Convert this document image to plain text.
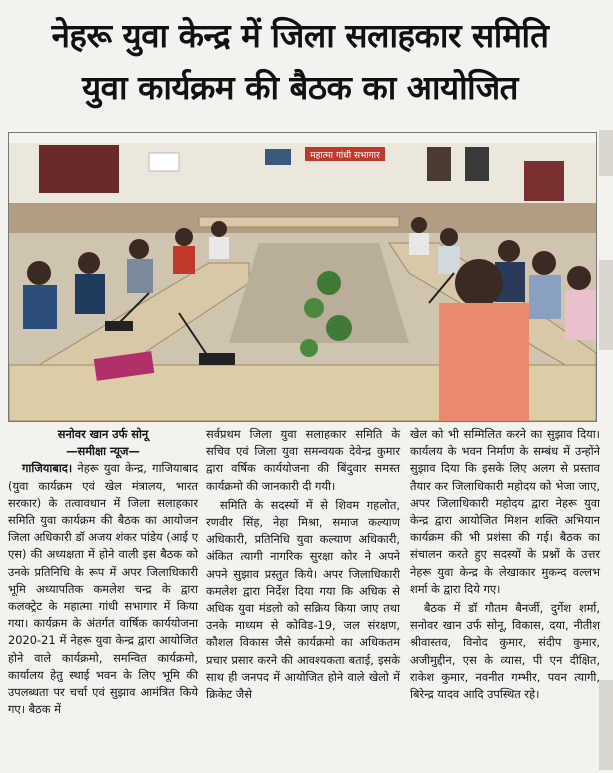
नेहरू युवा केन्द्र में जिला सलाहकार समिति
युवा कार्यक्रम की बैठक का आयोजित
महात्मा गांधी सभागार
सनोवर खान उर्फ सोनू
—समीक्षा न्यूज—

गाजियाबाद। नेहरू युवा केन्द्र, गाजियाबाद (युवा कार्यक्रम एवं खेल मंत्रालय, भारत सरकार) के तत्वावधान में जिला सलाहकार समिति युवा कार्यक्रम की बैठक का आयोजन जिला अधिकारी डॉ अजय शंकर पांडेय (आई ए एस) की अध्यक्षता में होने वाली इस बैठक को उनके प्रतिनिधि के रूप में अपर जिलाधिकारी भूमि अध्यापतिक कमलेश चन्द्र के द्वारा कलक्ट्रेट के महात्मा गांधी सभागार में किया गया। कार्यक्रम के अंतर्गत वार्षिक कार्ययोजना 2020-21 में नेहरू युवा केन्द्र द्वारा आयोजित होने वाले कार्यक्रमो, समन्वित कार्यक्रमो, कार्यालय हेतु स्थाई भवन के लिए भूमि की उपलब्धता पर चर्चा एवं सुझाव आमंत्रित किये गए। बैठक में

सर्वप्रथम जिला युवा सलाहकार समिति के सचिव एवं जिला युवा समन्वयक देवेन्द्र कुमार द्वारा वर्षिक कार्ययोजना की बिंदुवार समस्त कार्यक्रमो की जानकारी दी गयी।

समिति के सदस्यों में से शिवम गहलोत, रणवीर सिंह, नेहा मिश्रा, समाज कल्याण अधिकारी, प्रतिनिधि युवा कल्याण अधिकारी, अंकित त्यागी नागरिक सुरक्षा कोर ने अपने अपने सुझाव प्रस्तुत किये। अपर जिलाधिकारी कमलेश द्वारा निर्देश दिया गया कि अधिक से अधिक युवा मंडलो को सक्रिय किया जाए तथा उनके माध्यम से कोविड-19, जल संरक्षण, कौशल विकास जैसे कार्यक्रमो का अधिकतम प्रचार प्रसार करने की आवश्यकता बताई, इसके साथ ही जनपद में आयोजित होने वाले खेलो में क्रिकेट जैसे

खेल को भी सम्मिलित करने का सुझाव दिया। कार्यलय के भवन निर्माण के सम्बंध में उन्होंने सुझाव दिया कि इसके लिए अलग से प्रस्ताव तैयार कर जिलाधिकारी महोदय को भेजा जाए, अपर जिलाधिकारी महोदय द्वारा नेहरू युवा केन्द्र द्वारा आयोजित मिशन शक्ति अभियान कार्यक्रम की भी प्रशंसा की गई। बैठक का संचालन करते हुए सदस्यों के प्रश्नों के उत्तर नेहरू युवा केन्द्र के लेखाकार मुकन्द वल्लभ शर्मा के द्वारा दिये गए।

बैठक में डॉ गौतम बैनर्जी, दुर्गेश शर्मा, सनोवर खान उर्फ सोनू, विकास, दया, नीतीश श्रीवास्तव, विनोद कुमार, संदीप कुमार, अजीमुद्दीन, एस के व्यास, पी एन दीक्षित, राकेश कुमार, नवनीत गम्भीर, पवन त्यागी, बिरेन्द्र यादव आदि उपस्थित रहे।
